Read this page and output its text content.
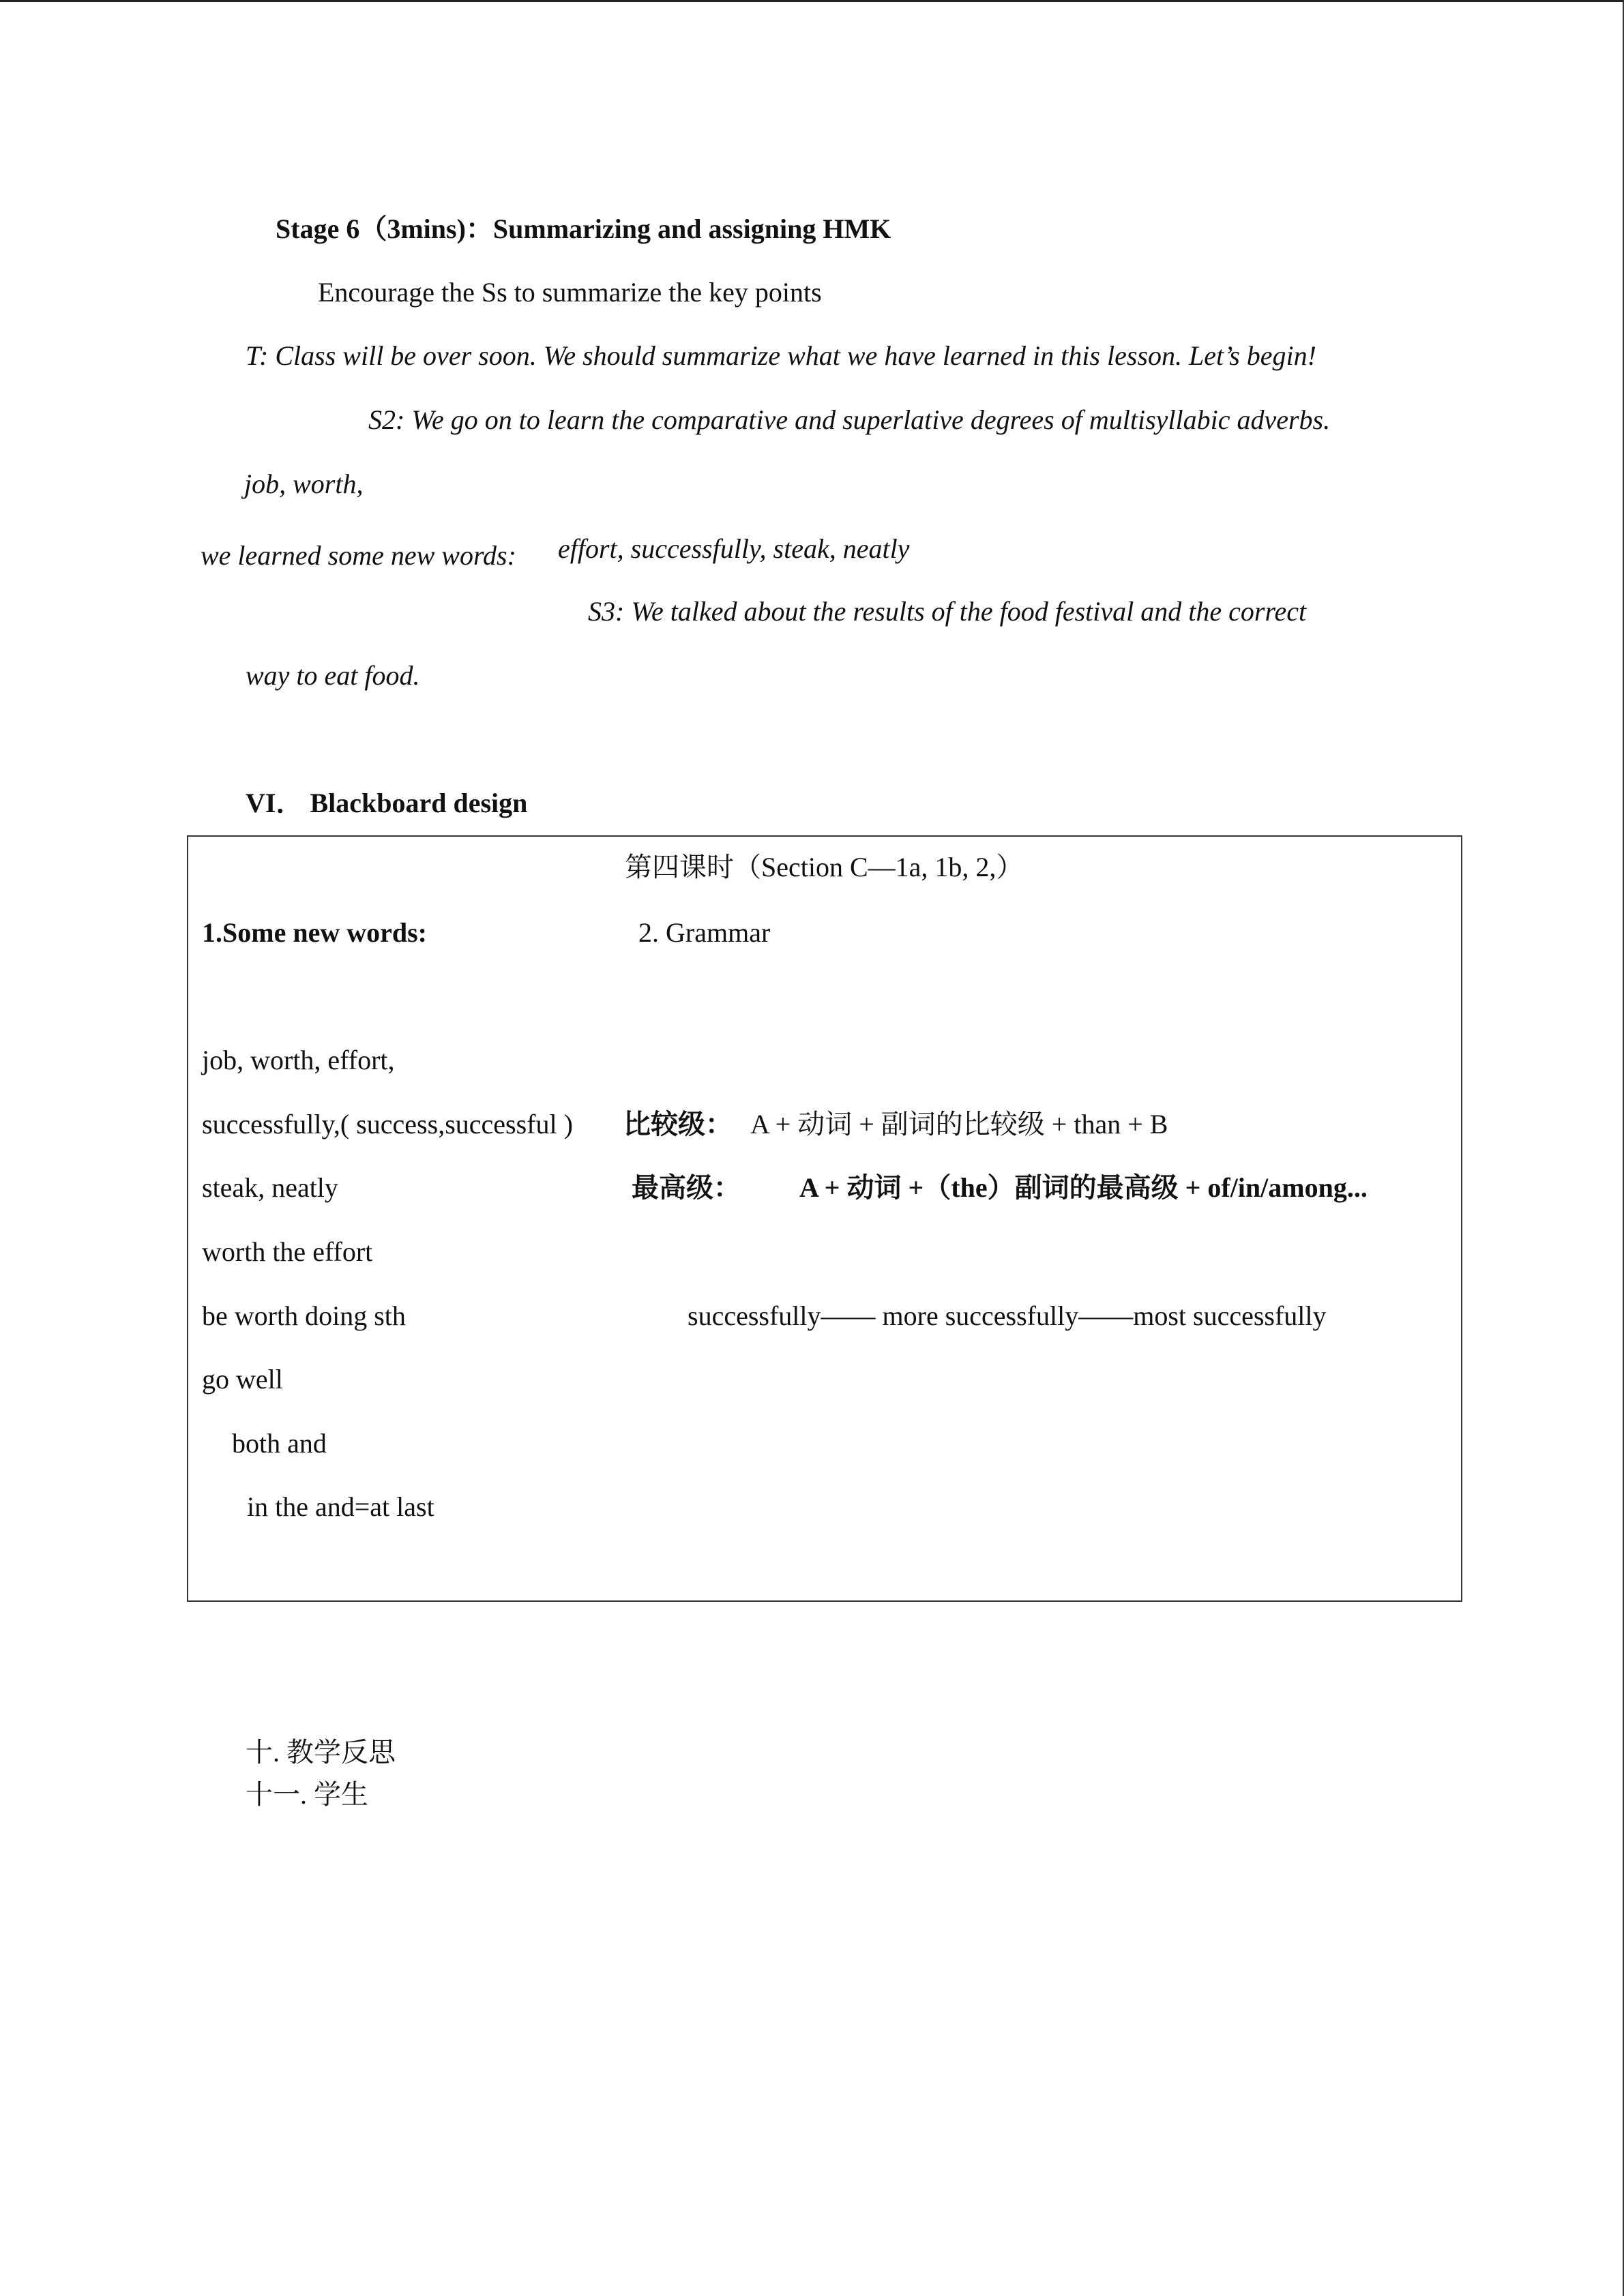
Stage 6（3mins)：Summarizing and assigning HMK
Encourage the Ss to summarize the key points
T: Class will be over soon. We should summarize what we have learned in this lesson. Let’s begin!
S2: We go on to learn the comparative and superlative degrees of multisyllabic adverbs.
job, worth,
we learned some new words: effort, successfully, steak, neatly
S3: We talked about the results of the food festival and the correct
way to eat food.
VI． Blackboard design
第四课时（Section C—1a, 1b, 2,）
1.Some new words:	2. Grammar
job, worth, effort,
successfully,( success,successful )
steak, neatly
worth the effort
be worth doing sth
go well
both and
in the and=at last
比较级： A + 动词 + 副词的比较级 + than + B
最高级： A + 动词 +（the）副词的最高级 + of/in/among...
successfully—— more successfully——most successfully
十. 教学反思
十一. 学生
